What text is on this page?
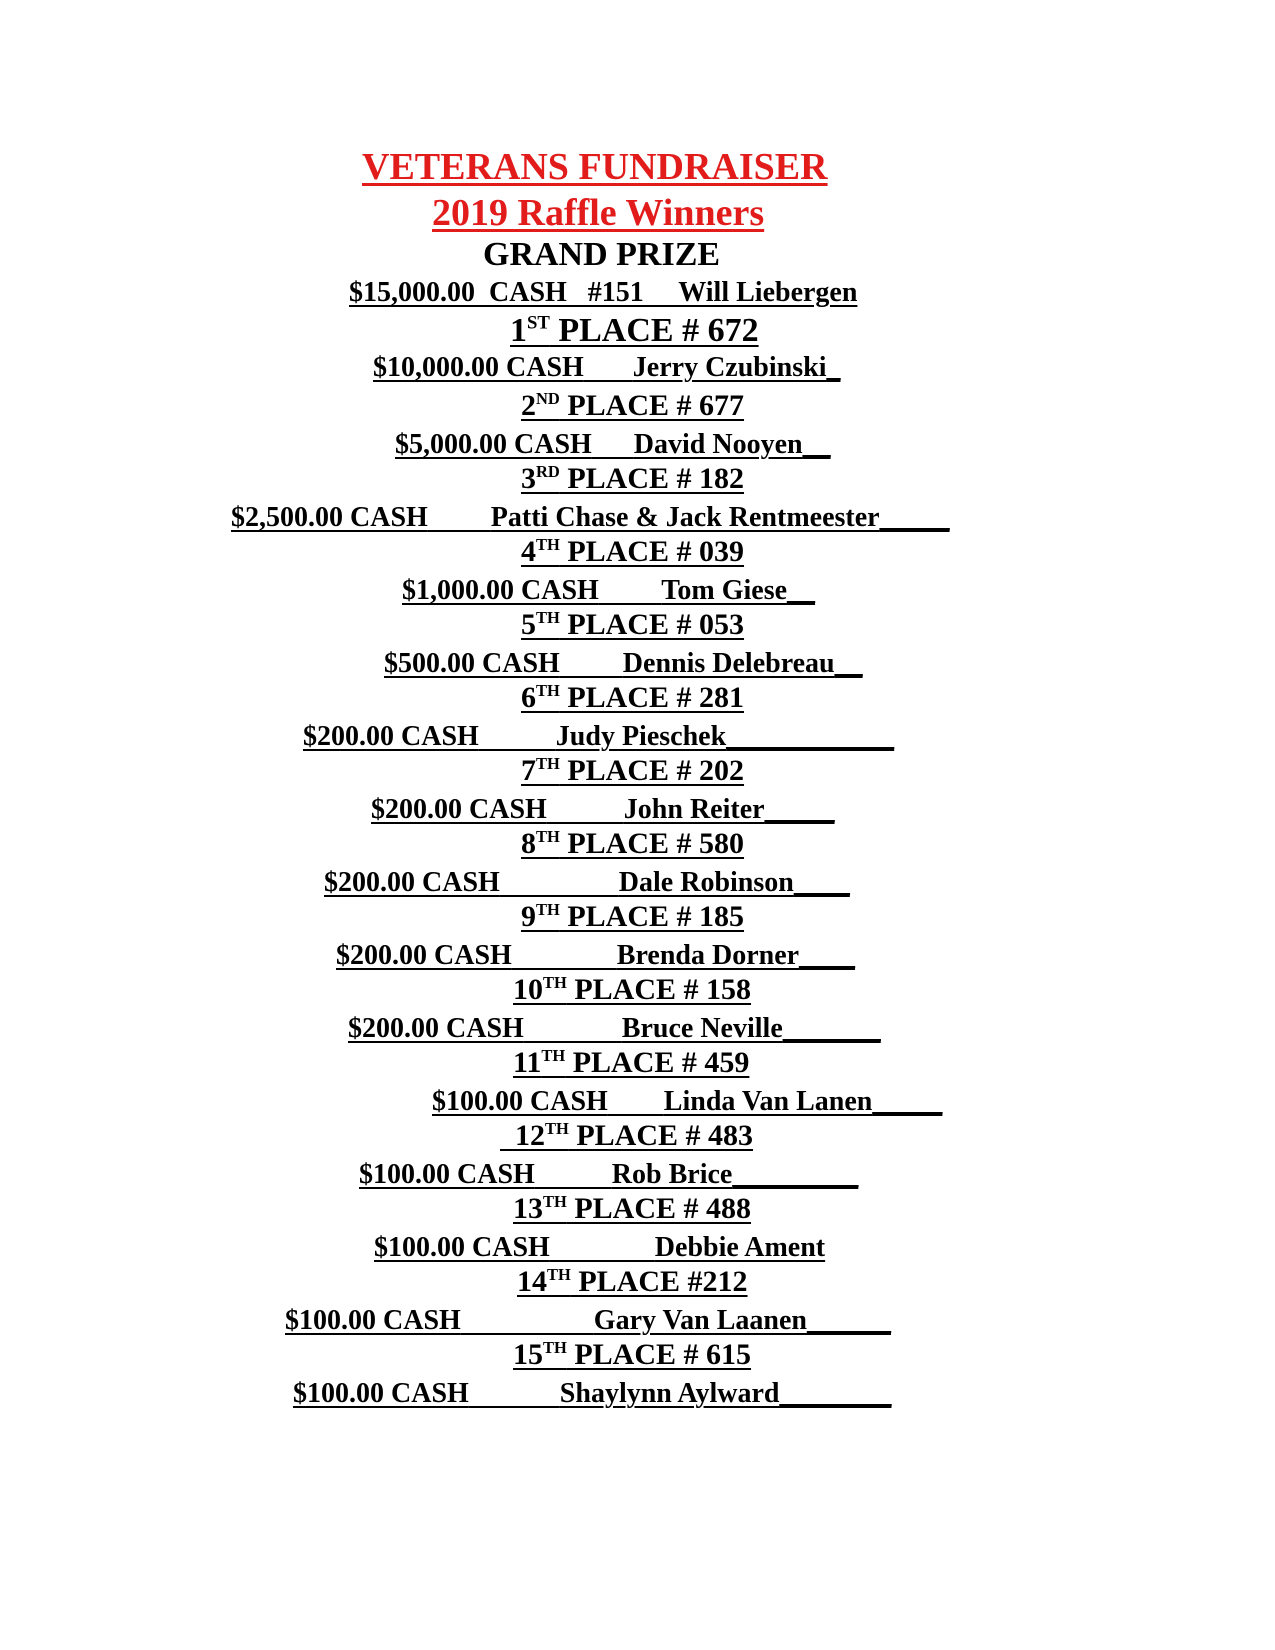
VETERANS FUNDRAISER
2019 Raffle Winners
GRAND PRIZE
$15,000.00  CASH   #151     Will Liebergen
1ST PLACE # 672
$10,000.00 CASH Jerry Czubinski_
2ND PLACE # 677
$5,000.00 CASH David Nooyen__
3RD PLACE # 182
$2,500.00 CASH Patti Chase & Jack Rentmeester_____
4TH PLACE # 039
$1,000.00 CASH Tom Giese__
5TH PLACE # 053
$500.00 CASH Dennis Delebreau__
6TH PLACE # 281
$200.00 CASH	Judy Pieschek____________
7TH PLACE # 202
$200.00 CASH	John Reiter_____
8TH PLACE # 580
$200.00 CASH	Dale Robinson____
9TH PLACE # 185
$200.00 CASH	Brenda Dorner____
10TH PLACE # 158
$200.00 CASH	Bruce Neville_______
11TH PLACE # 459
$100.00 CASH Linda Van Lanen_____
12TH PLACE # 483
$100.00 CASH	Rob Brice_________
13TH PLACE # 488
$100.00 CASH	Debbie Ament
14TH PLACE #212
$100.00 CASH	Gary Van Laanen______
15TH PLACE # 615
$100.00 CASH	Shaylynn Aylward________
